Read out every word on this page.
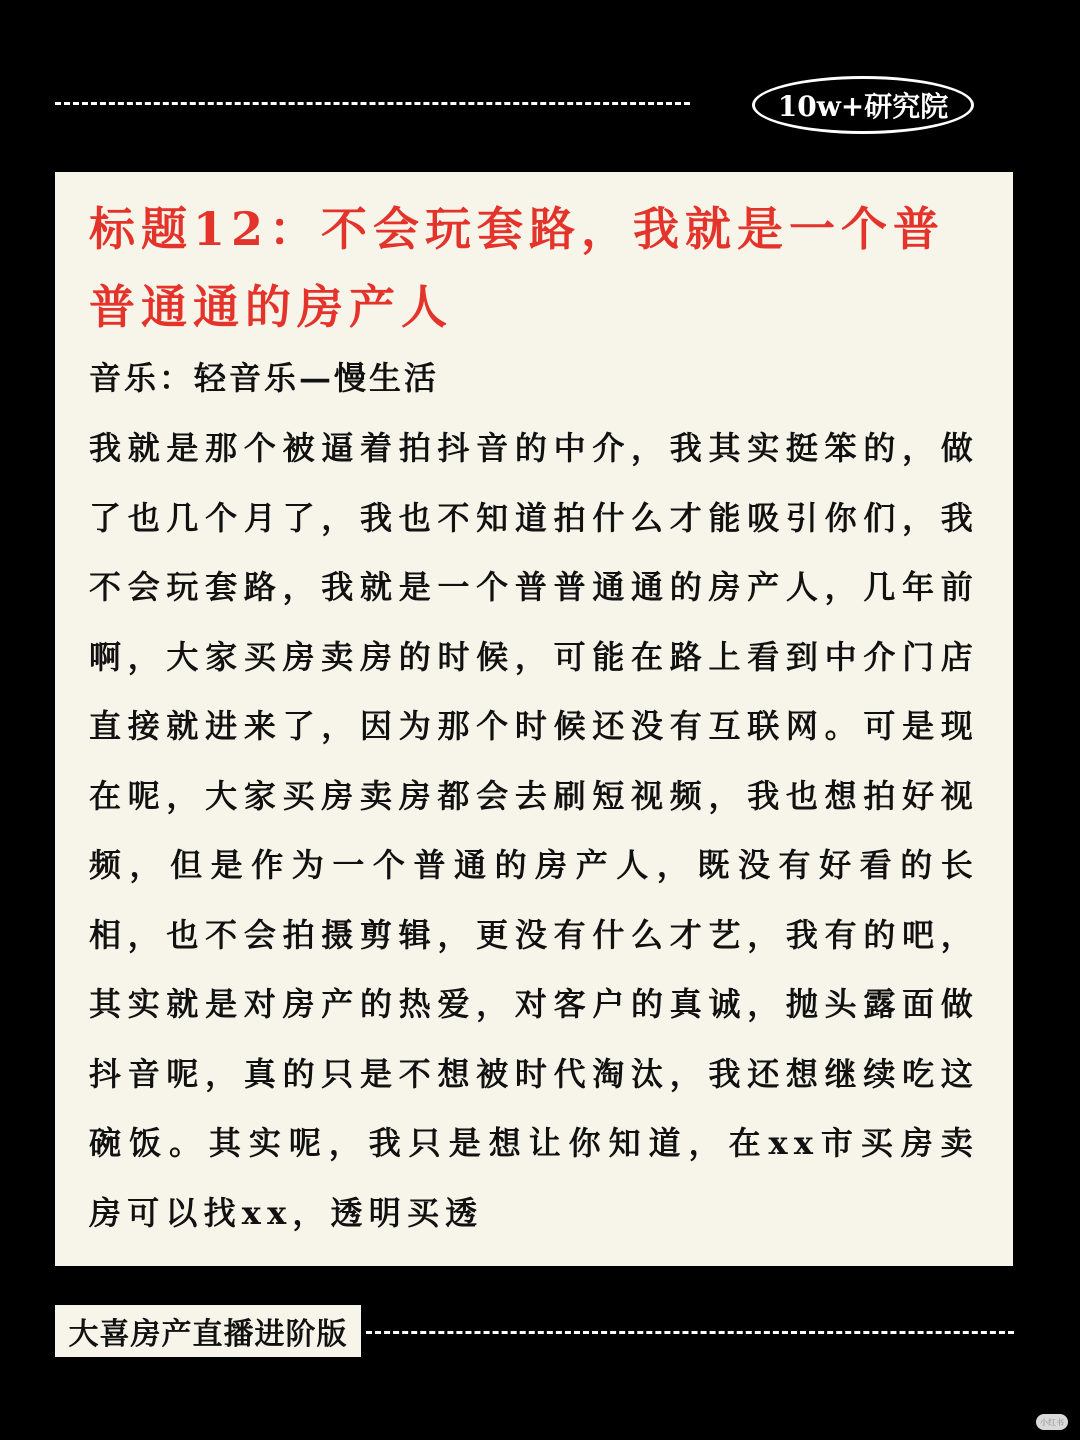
10w+研究院
标题12：不会玩套路，我就是一个普普通通的房产人
音乐：轻音乐—慢生活
我就是那个被逼着拍抖音的中介，我其实挺笨的，做了也几个月了，我也不知道拍什么才能吸引你们，我不会玩套路，我就是一个普普通通的房产人，几年前啊，大家买房卖房的时候，可能在路上看到中介门店直接就进来了，因为那个时候还没有互联网。可是现在呢，大家买房卖房都会去刷短视频，我也想拍好视频，但是作为一个普通的房产人，既没有好看的长相，也不会拍摄剪辑，更没有什么才艺，我有的吧，其实就是对房产的热爱，对客户的真诚，抛头露面做抖音呢，真的只是不想被时代淘汰，我还想继续吃这碗饭。其实呢，我只是想让你知道，在xx市买房卖房可以找xx，透明买透
大喜房产直播进阶版
小红书
